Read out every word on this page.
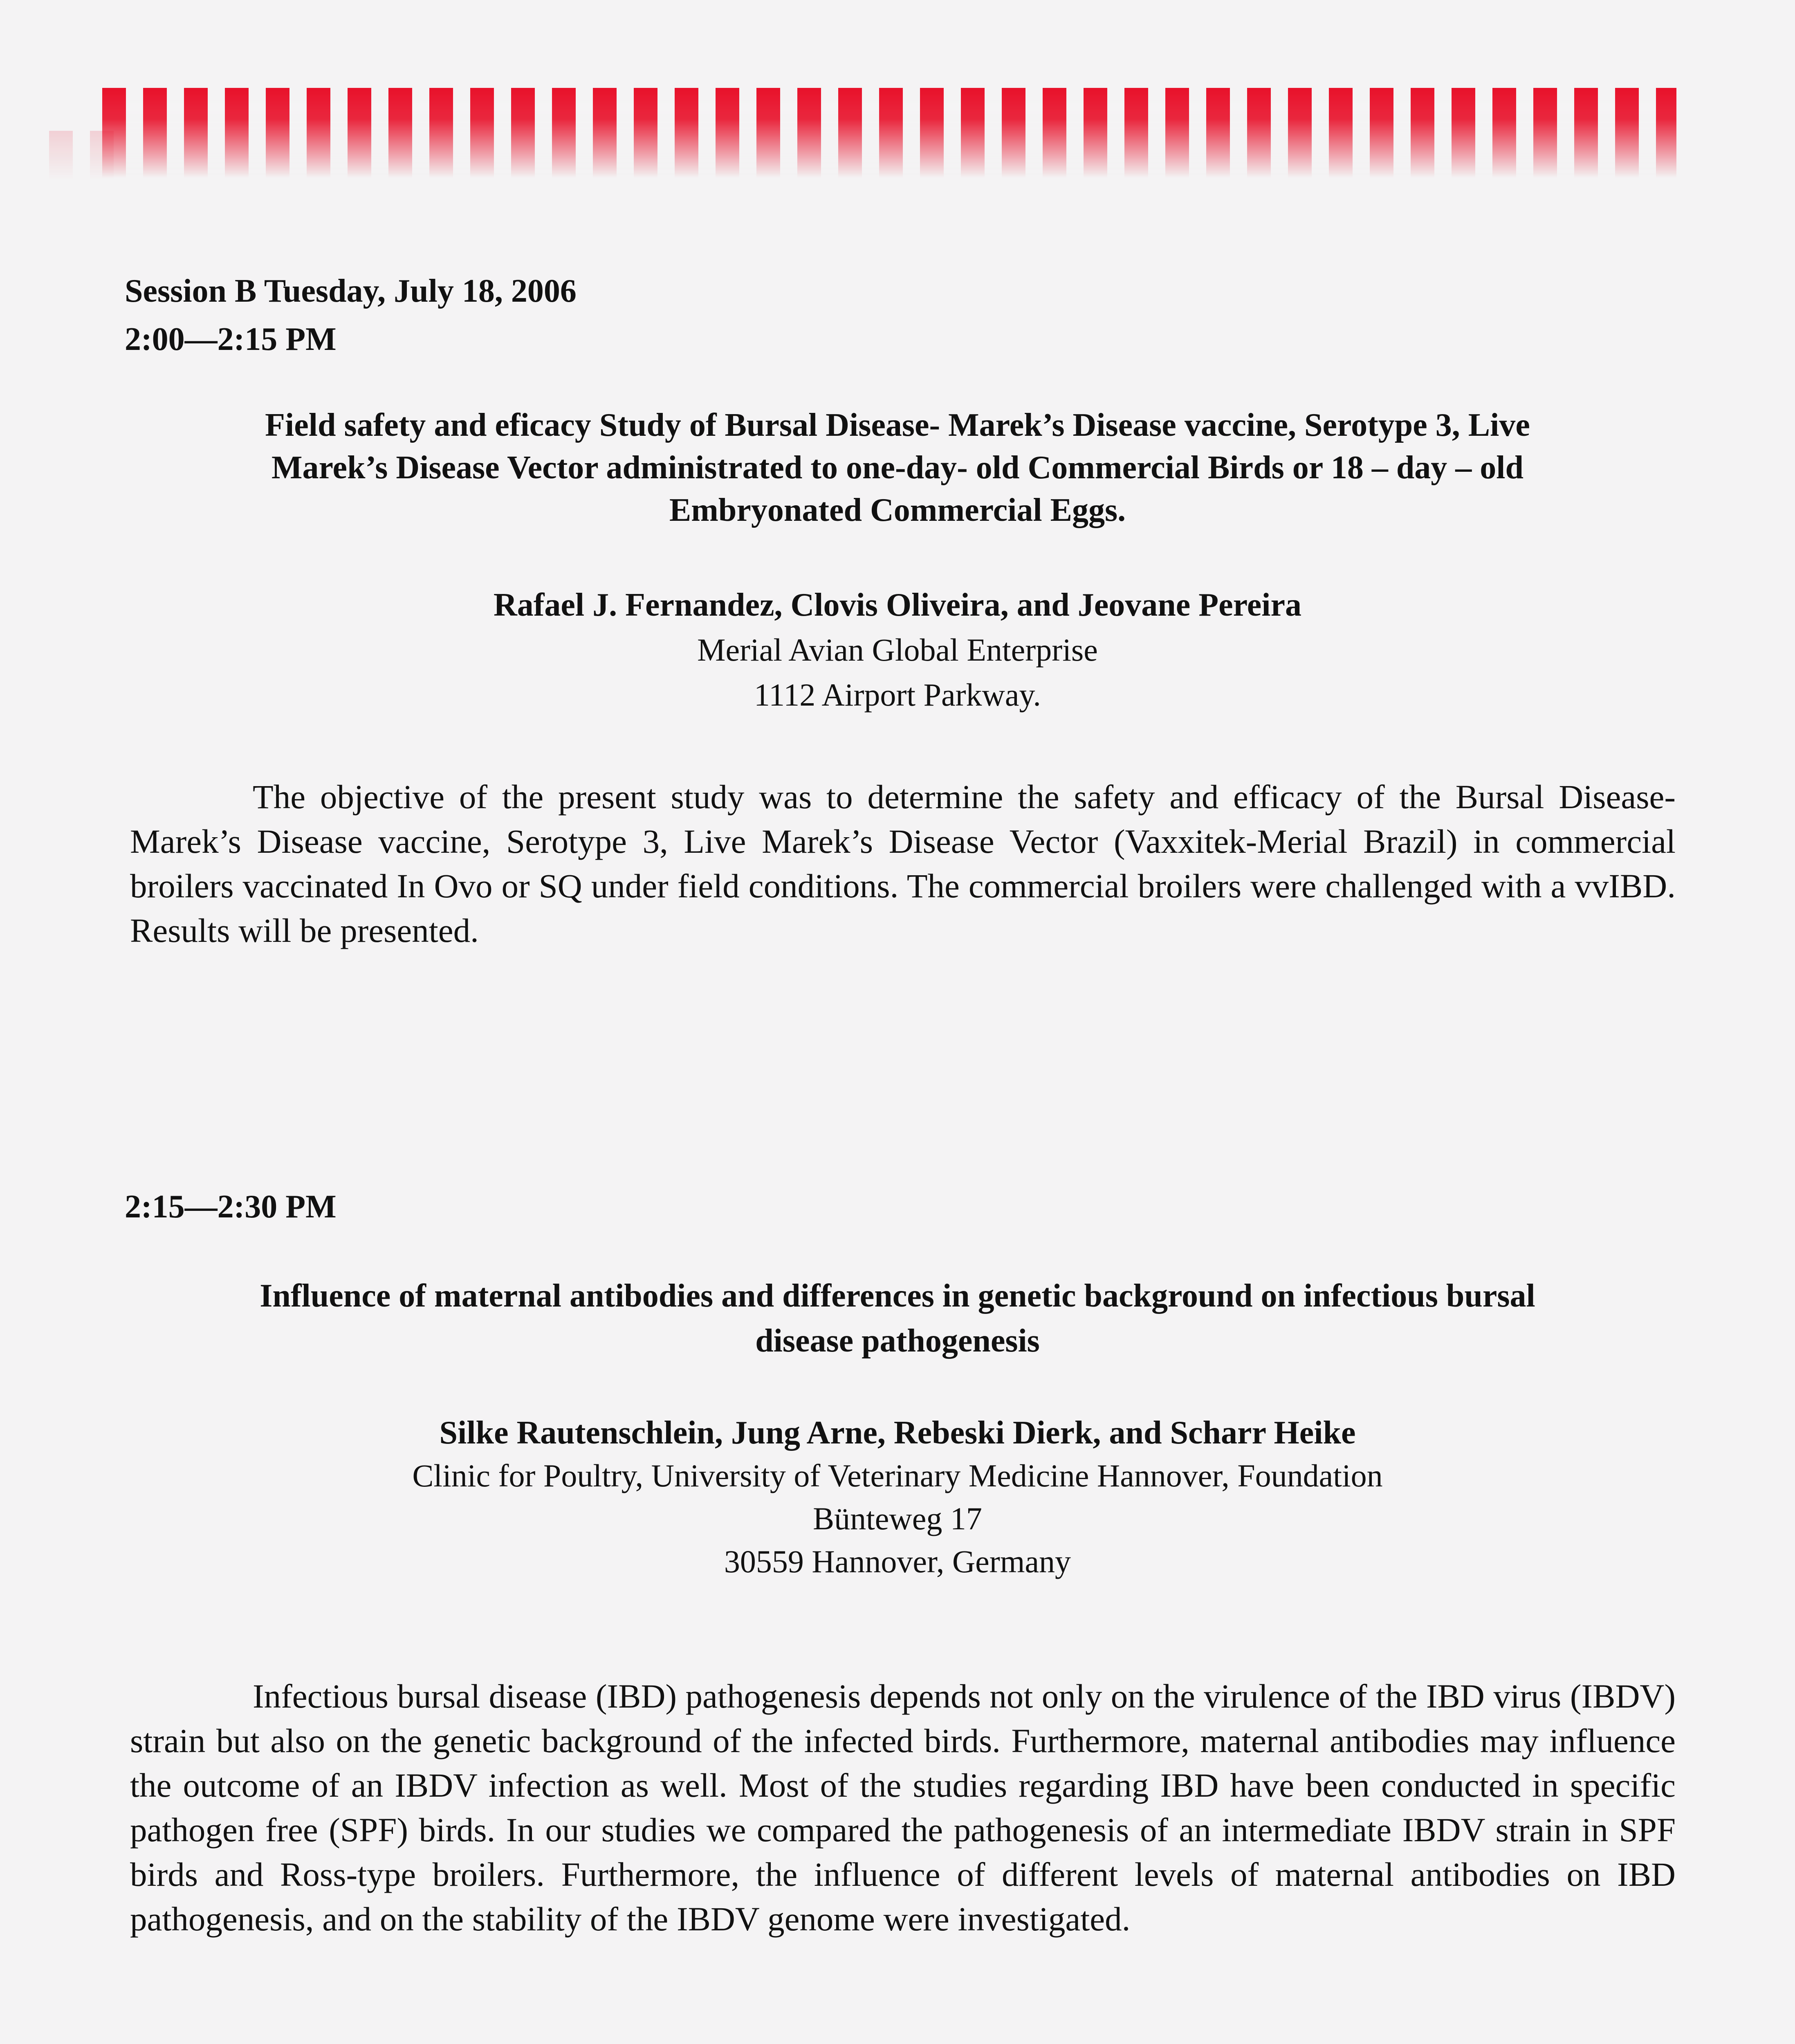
Session B Tuesday, July 18, 2006
2:00—2:15 PM
Field safety and eficacy Study of Bursal Disease- Marek’s Disease vaccine, Serotype 3, Live
Marek’s Disease Vector administrated to one-day- old Commercial Birds or 18 – day – old
Embryonated Commercial Eggs.
Rafael J. Fernandez, Clovis Oliveira, and Jeovane Pereira
Merial Avian Global Enterprise
1112 Airport Parkway.
The objective of the present study was to determine the safety and efficacy of the Bursal Disease- Marek’s Disease vaccine, Serotype 3, Live Marek’s Disease Vector (Vaxxitek-Merial Brazil) in commercial broilers vaccinated In Ovo or SQ under field conditions. The commercial broilers were challenged with a vvIBD. Results will be presented.
2:15—2:30 PM
Influence of maternal antibodies and differences in genetic background on infectious bursal
disease pathogenesis
Silke Rautenschlein, Jung Arne, Rebeski Dierk, and Scharr Heike
Clinic for Poultry, University of Veterinary Medicine Hannover, Foundation
Bünteweg 17
30559 Hannover, Germany
Infectious bursal disease (IBD) pathogenesis depends not only on the virulence of the IBD virus (IBDV) strain but also on the genetic background of the infected birds. Furthermore, maternal antibodies may influence the outcome of an IBDV infection as well. Most of the studies regarding IBD have been conducted in specific pathogen free (SPF) birds. In our studies we compared the pathogenesis of an intermediate IBDV strain in SPF birds and Ross-type broilers. Furthermore, the influence of different levels of maternal antibodies on IBD pathogenesis, and on the stability of the IBDV genome were investigated.
